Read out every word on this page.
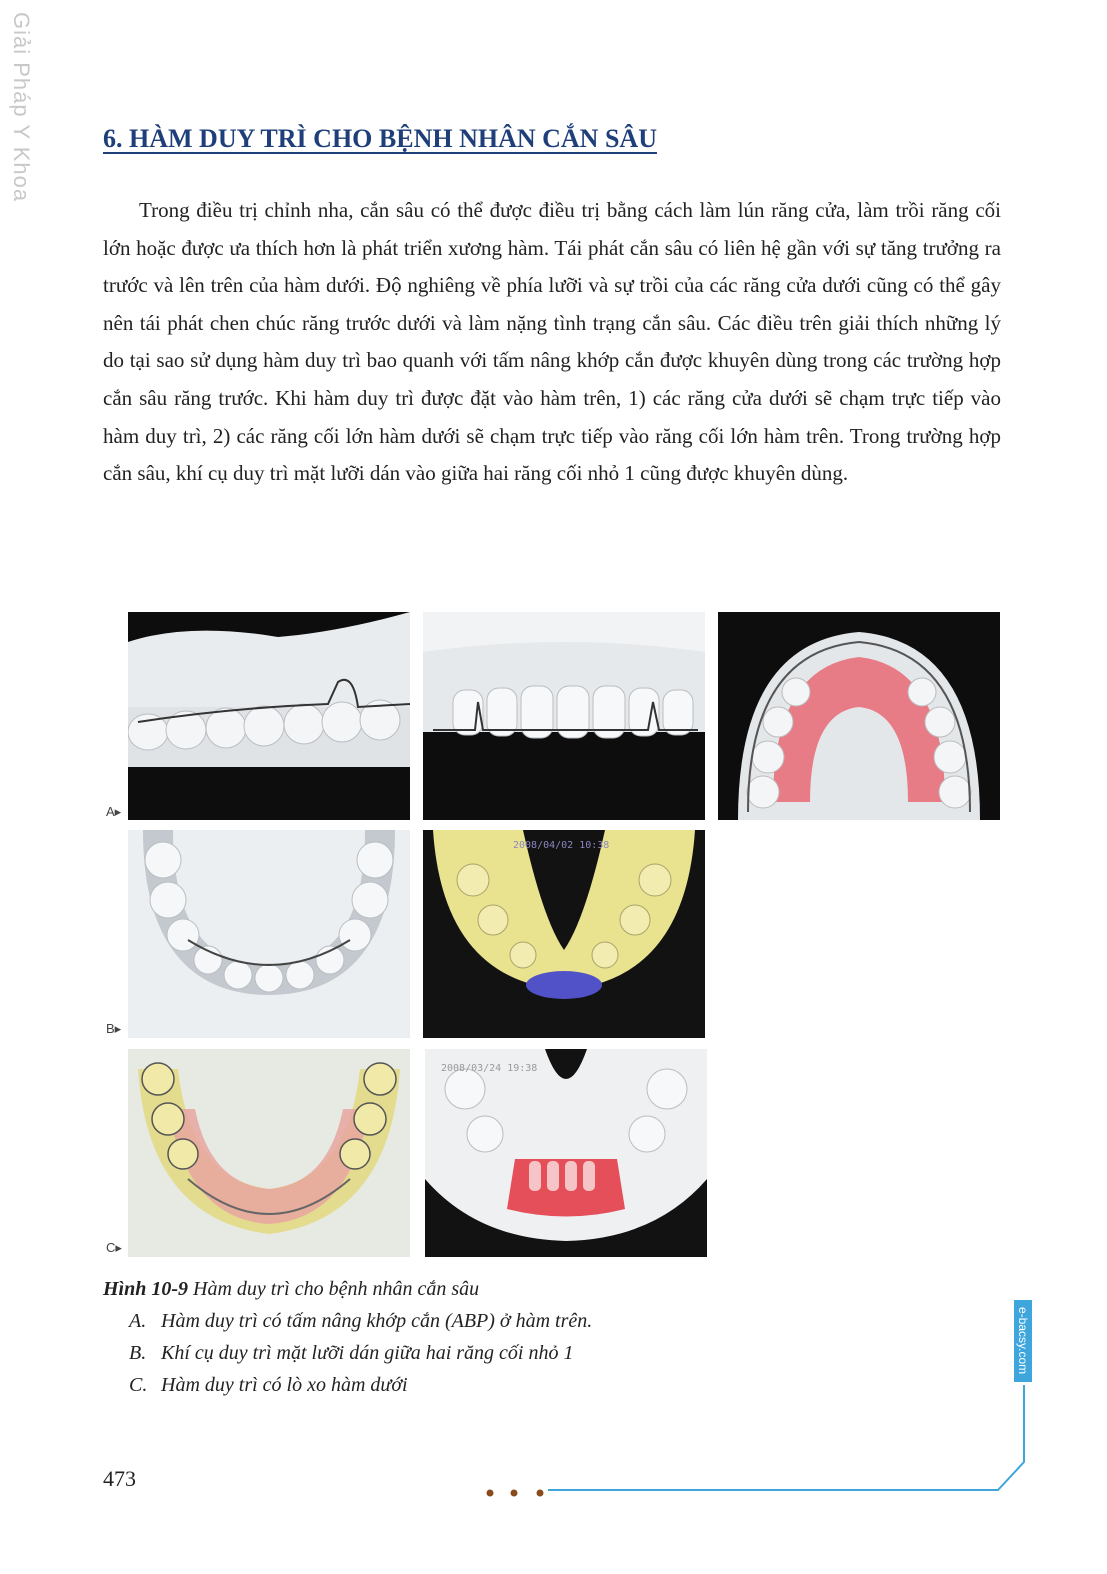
Giải Pháp Y Khoa	6. HÀM DUY TRÌ CHO BỆNH NHÂN CẮN SÂU

Trong điều trị chỉnh nha, cắn sâu có thể được điều trị bằng cách làm lún răng cửa, làm trồi răng cối lớn hoặc được ưa thích hơn là phát triển xương hàm. Tái phát cắn sâu có liên hệ gần với sự tăng trưởng ra trước và lên trên của hàm dưới. Độ nghiêng về phía lưỡi và sự trồi của các răng cửa dưới cũng có thể gây nên tái phát chen chúc răng trước dưới và làm nặng tình trạng cắn sâu. Các điều trên giải thích những lý do tại sao sử dụng hàm duy trì bao quanh với tấm nâng khớp cắn được khuyên dùng trong các trường hợp cắn sâu răng trước. Khi hàm duy trì được đặt vào hàm trên, 1) các răng cửa dưới sẽ chạm trực tiếp vào hàm duy trì, 2) các răng cối lớn hàm dưới sẽ chạm trực tiếp vào răng cối lớn hàm trên. Trong trường hợp cắn sâu, khí cụ duy trì mặt lưỡi dán vào giữa hai răng cối nhỏ 1 cũng được khuyên dùng.

A▸
2008/04/02 10:38
B▸
2008/03/24 19:38
C▸
Hình 10-9 Hàm duy trì cho bệnh nhân cắn sâu
A. Hàm duy trì có tấm nâng khớp cắn (ABP) ở hàm trên.
B. Khí cụ duy trì mặt lưỡi dán giữa hai răng cối nhỏ 1
C. Hàm duy trì có lò xo hàm dưới
e-bacsy.com
473
